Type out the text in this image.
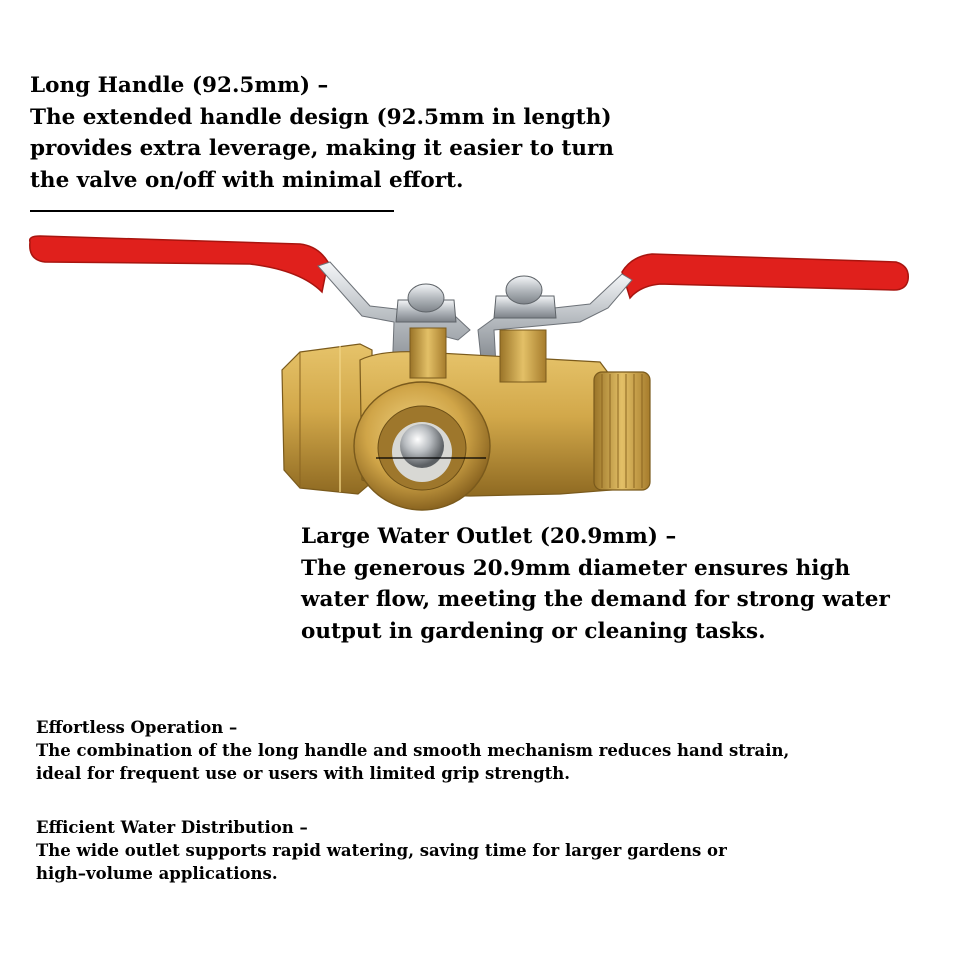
Long Handle (92.5mm) –

The extended handle design (92.5mm in length)

provides extra leverage, making it easier to turn

the valve on/off with minimal effort.

Large Water Outlet (20.9mm) –

The generous 20.9mm diameter ensures high

water flow, meeting the demand for strong water

output in gardening or cleaning tasks.

Effortless Operation –

The combination of the long handle and smooth mechanism reduces hand strain,

ideal for frequent use or users with limited grip strength.

Efficient Water Distribution –

The wide outlet supports rapid watering, saving time for larger gardens or

high–volume applications.
